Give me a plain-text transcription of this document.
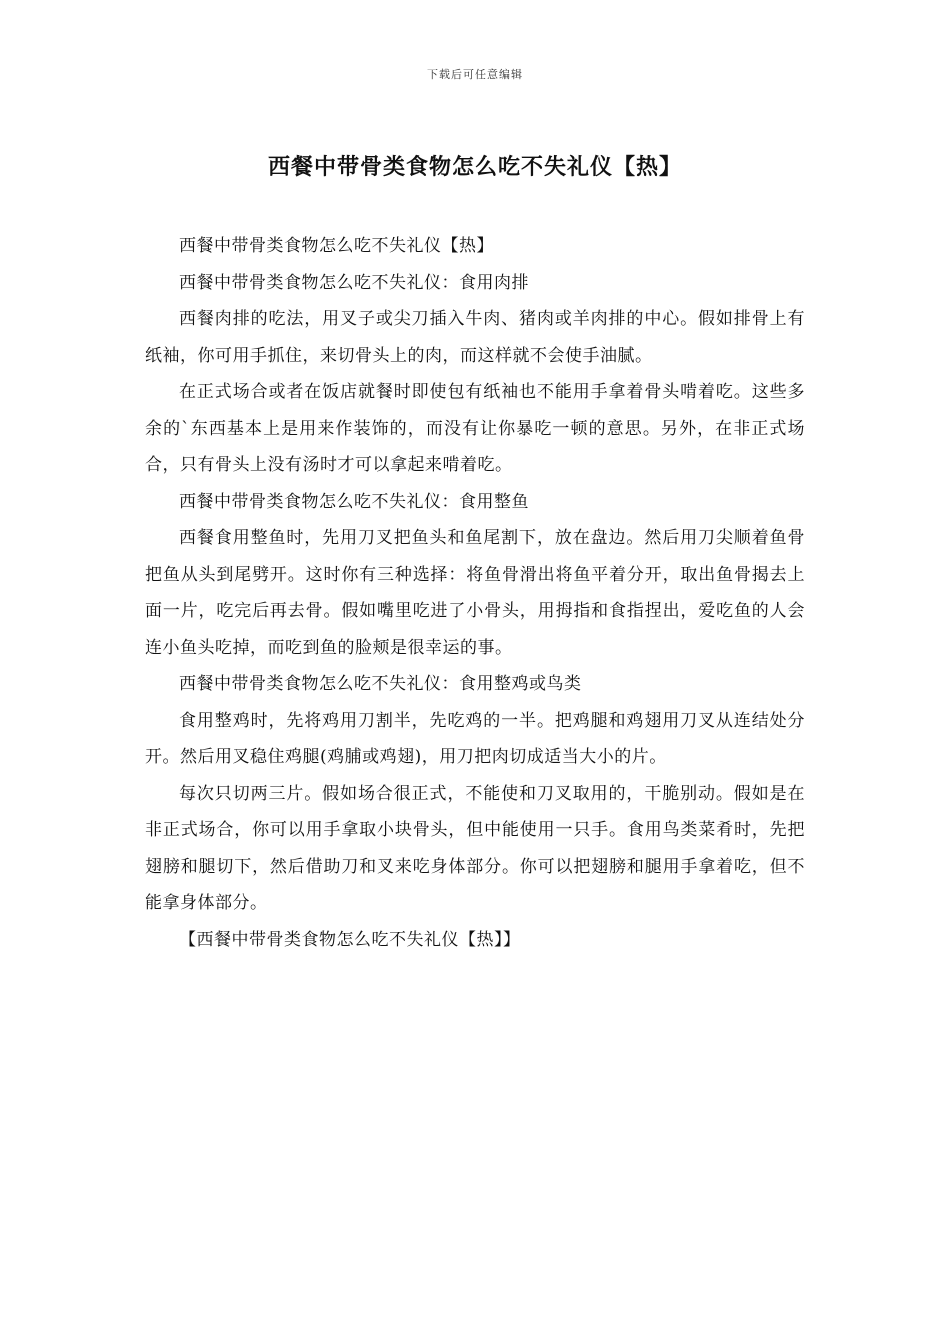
下载后可任意编辑
西餐中带骨类食物怎么吃不失礼仪【热】

西餐中带骨类食物怎么吃不失礼仪【热】

西餐中带骨类食物怎么吃不失礼仪：食用肉排

西餐肉排的吃法，用叉子或尖刀插入牛肉、猪肉或羊肉排的中心。假如排骨上有纸袖，你可用手抓住，来切骨头上的肉，而这样就不会使手油腻。

在正式场合或者在饭店就餐时即使包有纸袖也不能用手拿着骨头啃着吃。这些多余的`东西基本上是用来作装饰的，而没有让你暴吃一顿的意思。另外，在非正式场合，只有骨头上没有汤时才可以拿起来啃着吃。

西餐中带骨类食物怎么吃不失礼仪：食用整鱼

西餐食用整鱼时，先用刀叉把鱼头和鱼尾割下，放在盘边。然后用刀尖顺着鱼骨把鱼从头到尾劈开。这时你有三种选择：将鱼骨滑出将鱼平着分开，取出鱼骨揭去上面一片，吃完后再去骨。假如嘴里吃进了小骨头，用拇指和食指捏出，爱吃鱼的人会连小鱼头吃掉，而吃到鱼的脸颊是很幸运的事。

西餐中带骨类食物怎么吃不失礼仪：食用整鸡或鸟类

食用整鸡时，先将鸡用刀割半，先吃鸡的一半。把鸡腿和鸡翅用刀叉从连结处分开。然后用叉稳住鸡腿(鸡脯或鸡翅)，用刀把肉切成适当大小的片。

每次只切两三片。假如场合很正式，不能使和刀叉取用的，干脆别动。假如是在非正式场合，你可以用手拿取小块骨头，但中能使用一只手。食用鸟类菜肴时，先把翅膀和腿切下，然后借助刀和叉来吃身体部分。你可以把翅膀和腿用手拿着吃，但不能拿身体部分。

【西餐中带骨类食物怎么吃不失礼仪【热】】
